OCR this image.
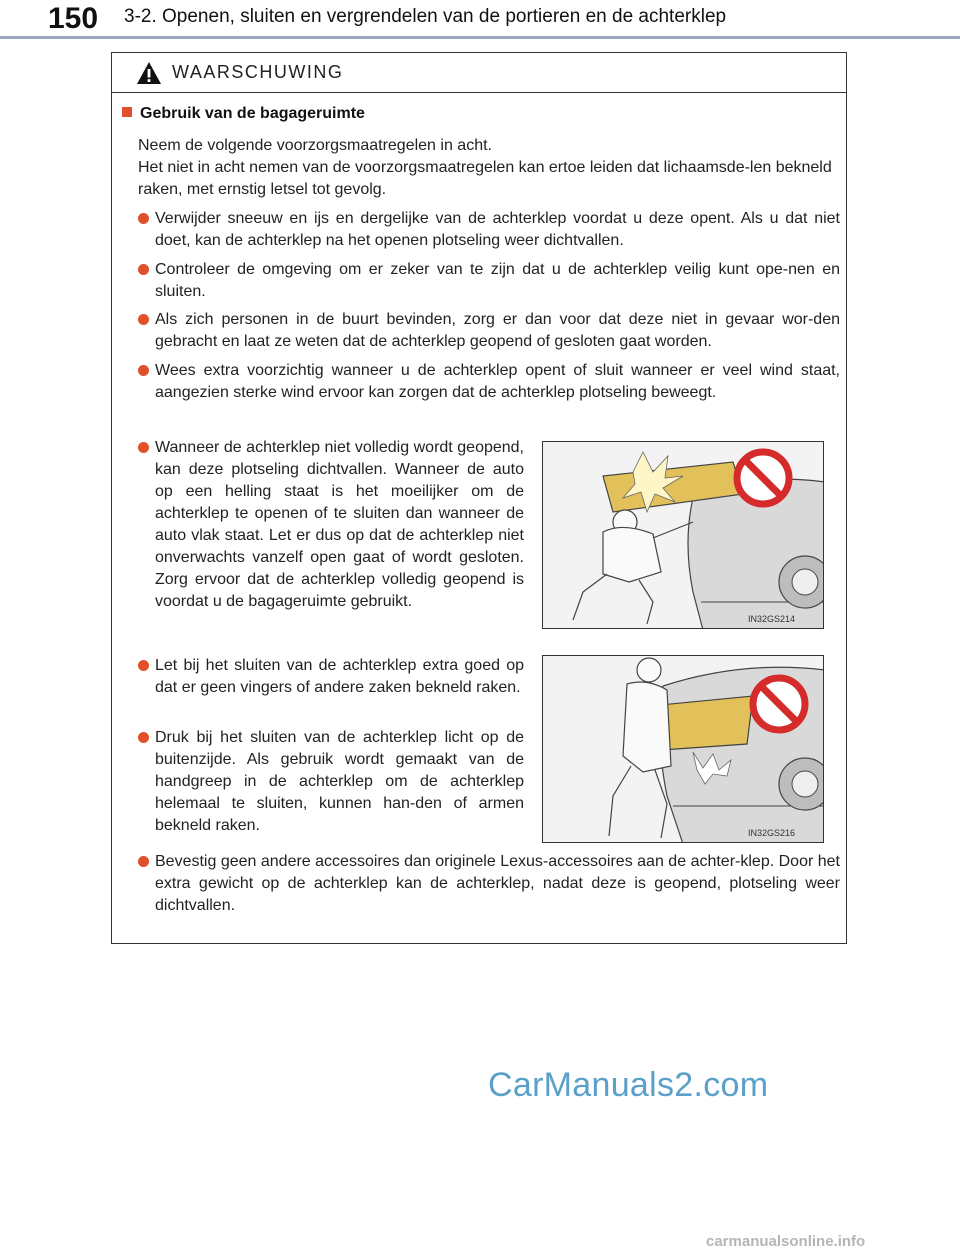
150 3-2. Openen, sluiten en vergrendelen van de portieren en de achterklep
WAARSCHUWING
Gebruik van de bagageruimte

Neem de volgende voorzorgsmaatregelen in acht.

Het niet in acht nemen van de voorzorgsmaatregelen kan ertoe leiden dat lichaamsde-len bekneld raken, met ernstig letsel tot gevolg.

Verwijder sneeuw en ijs en dergelijke van de achterklep voordat u deze opent. Als u dat niet doet, kan de achterklep na het openen plotseling weer dichtvallen.
Controleer de omgeving om er zeker van te zijn dat u de achterklep veilig kunt ope-nen en sluiten.
Als zich personen in de buurt bevinden, zorg er dan voor dat deze niet in gevaar wor-den gebracht en laat ze weten dat de achterklep geopend of gesloten gaat worden.
Wees extra voorzichtig wanneer u de achterklep opent of sluit wanneer er veel wind staat, aangezien sterke wind ervoor kan zorgen dat de achterklep plotseling beweegt.
Wanneer de achterklep niet volledig wordt geopend, kan deze plotseling dichtvallen. Wanneer de auto op een helling staat is het moeilijker om de achterklep te openen of te sluiten dan wanneer de auto vlak staat. Let er dus op dat de achterklep niet onverwachts vanzelf open gaat of wordt gesloten. Zorg ervoor dat de achterklep volledig geopend is voordat u de bagageruimte gebruikt.
Let bij het sluiten van de achterklep extra goed op dat er geen vingers of andere zaken bekneld raken.
Druk bij het sluiten van de achterklep licht op de buitenzijde. Als gebruik wordt gemaakt van de handgreep in de achterklep om de achterklep helemaal te sluiten, kunnen han-den of armen bekneld raken.
Bevestig geen andere accessoires dan originele Lexus-accessoires aan de achter-klep. Door het extra gewicht op de achterklep kan de achterklep, nadat deze is geopend, plotseling weer dichtvallen.
IN32GS214
IN32GS216
CarManuals2.com
carmanualsonline.info
